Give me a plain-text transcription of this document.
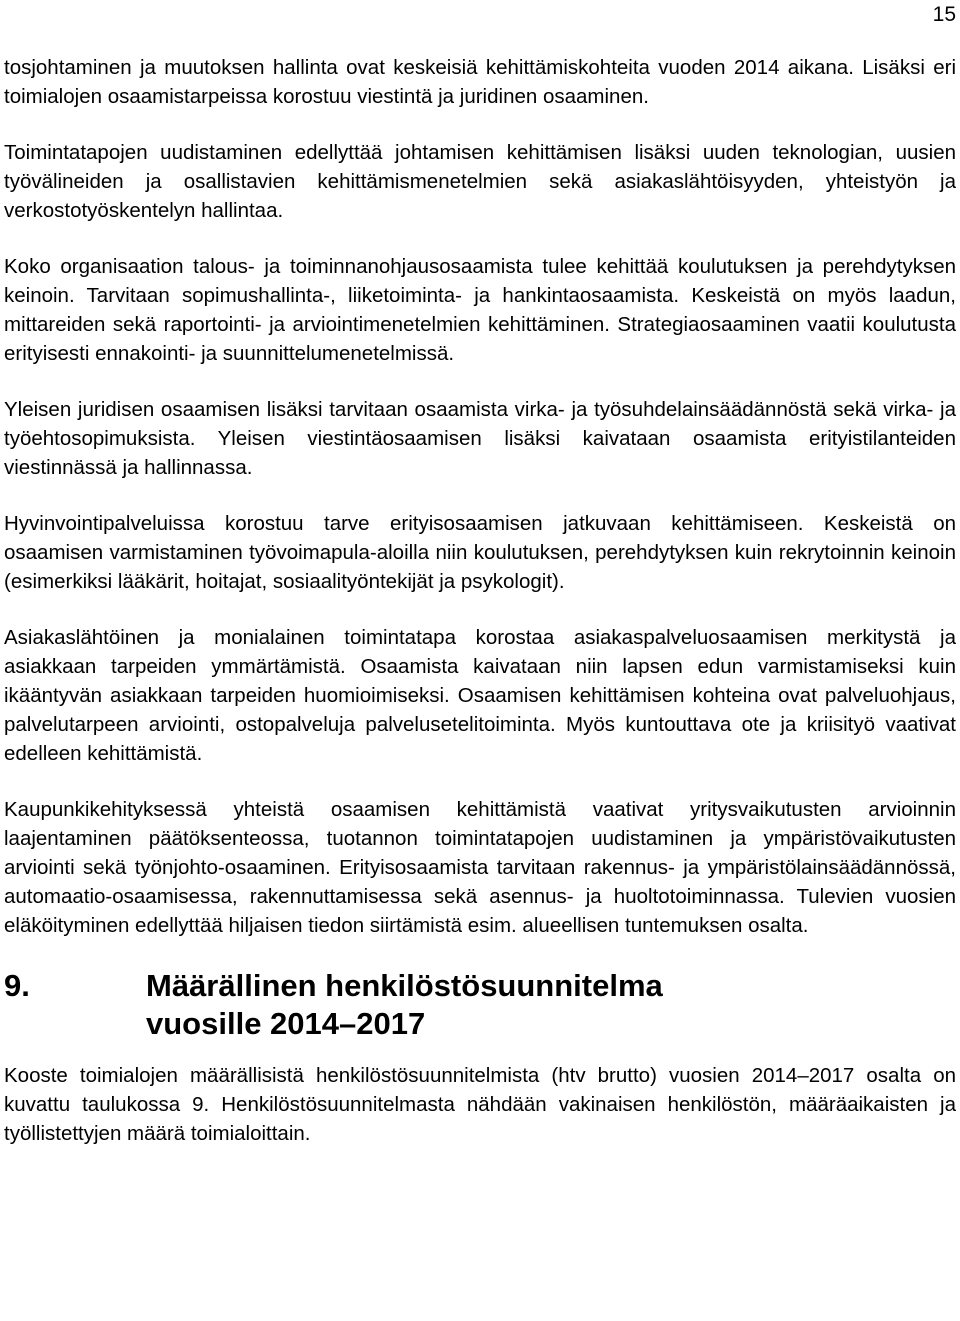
15

tosjohtaminen ja muutoksen hallinta ovat keskeisiä kehittämiskohteita vuoden 2014 aikana. Lisäksi eri toimialojen osaamistarpeissa korostuu viestintä ja juridinen osaaminen.

Toimintatapojen uudistaminen edellyttää johtamisen kehittämisen lisäksi uuden teknologian, uusien työvälineiden ja osallistavien kehittämismenetelmien sekä asiakaslähtöisyyden, yhteistyön ja verkostotyöskentelyn hallintaa.

Koko organisaation talous- ja toiminnanohjausosaamista tulee kehittää koulutuksen ja perehdytyksen keinoin. Tarvitaan sopimushallinta-, liiketoiminta- ja hankintaosaamista. Keskeistä on myös laadun, mittareiden sekä raportointi- ja arviointimenetelmien kehittäminen. Strategiaosaaminen vaatii koulutusta erityisesti ennakointi- ja suunnittelumenetelmissä.

Yleisen juridisen osaamisen lisäksi tarvitaan osaamista virka- ja työsuhdelainsäädännöstä sekä virka- ja työehtosopimuksista. Yleisen viestintäosaamisen lisäksi kaivataan osaamista erityistilanteiden viestinnässä ja hallinnassa.

Hyvinvointipalveluissa korostuu tarve erityisosaamisen jatkuvaan kehittämiseen. Keskeistä on osaamisen varmistaminen työvoimapula-aloilla niin koulutuksen, perehdytyksen kuin rekrytoinnin keinoin (esimerkiksi lääkärit, hoitajat, sosiaalityöntekijät ja psykologit).

Asiakaslähtöinen ja monialainen toimintatapa korostaa asiakaspalveluosaamisen merkitystä ja asiakkaan tarpeiden ymmärtämistä. Osaamista kaivataan niin lapsen edun varmistamiseksi kuin ikääntyvän asiakkaan tarpeiden huomioimiseksi. Osaamisen kehittämisen kohteina ovat palveluohjaus, palvelutarpeen arviointi, ostopalveluja palvelusetelitoiminta. Myös kuntouttava ote ja kriisityö vaativat edelleen kehittämistä.

Kaupunkikehityksessä yhteistä osaamisen kehittämistä vaativat yritysvaikutusten arvioinnin laajentaminen päätöksenteossa, tuotannon toimintatapojen uudistaminen ja ympäristövaikutusten arviointi sekä työnjohto-osaaminen. Erityisosaamista tarvitaan rakennus- ja ympäristölainsäädännössä, automaatio-osaamisessa, rakennuttamisessa sekä asennus- ja huoltotoiminnassa. Tulevien vuosien eläköityminen edellyttää hiljaisen tiedon siirtämistä esim. alueellisen tuntemuksen osalta.

9.	Määrällinen henkilöstösuunnitelma vuosille 2014–2017

Kooste toimialojen määrällisistä henkilöstösuunnitelmista (htv brutto) vuosien 2014–2017 osalta on kuvattu taulukossa 9. Henkilöstösuunnitelmasta nähdään vakinaisen henkilöstön, määräaikaisten ja työllistettyjen määrä toimialoittain.
